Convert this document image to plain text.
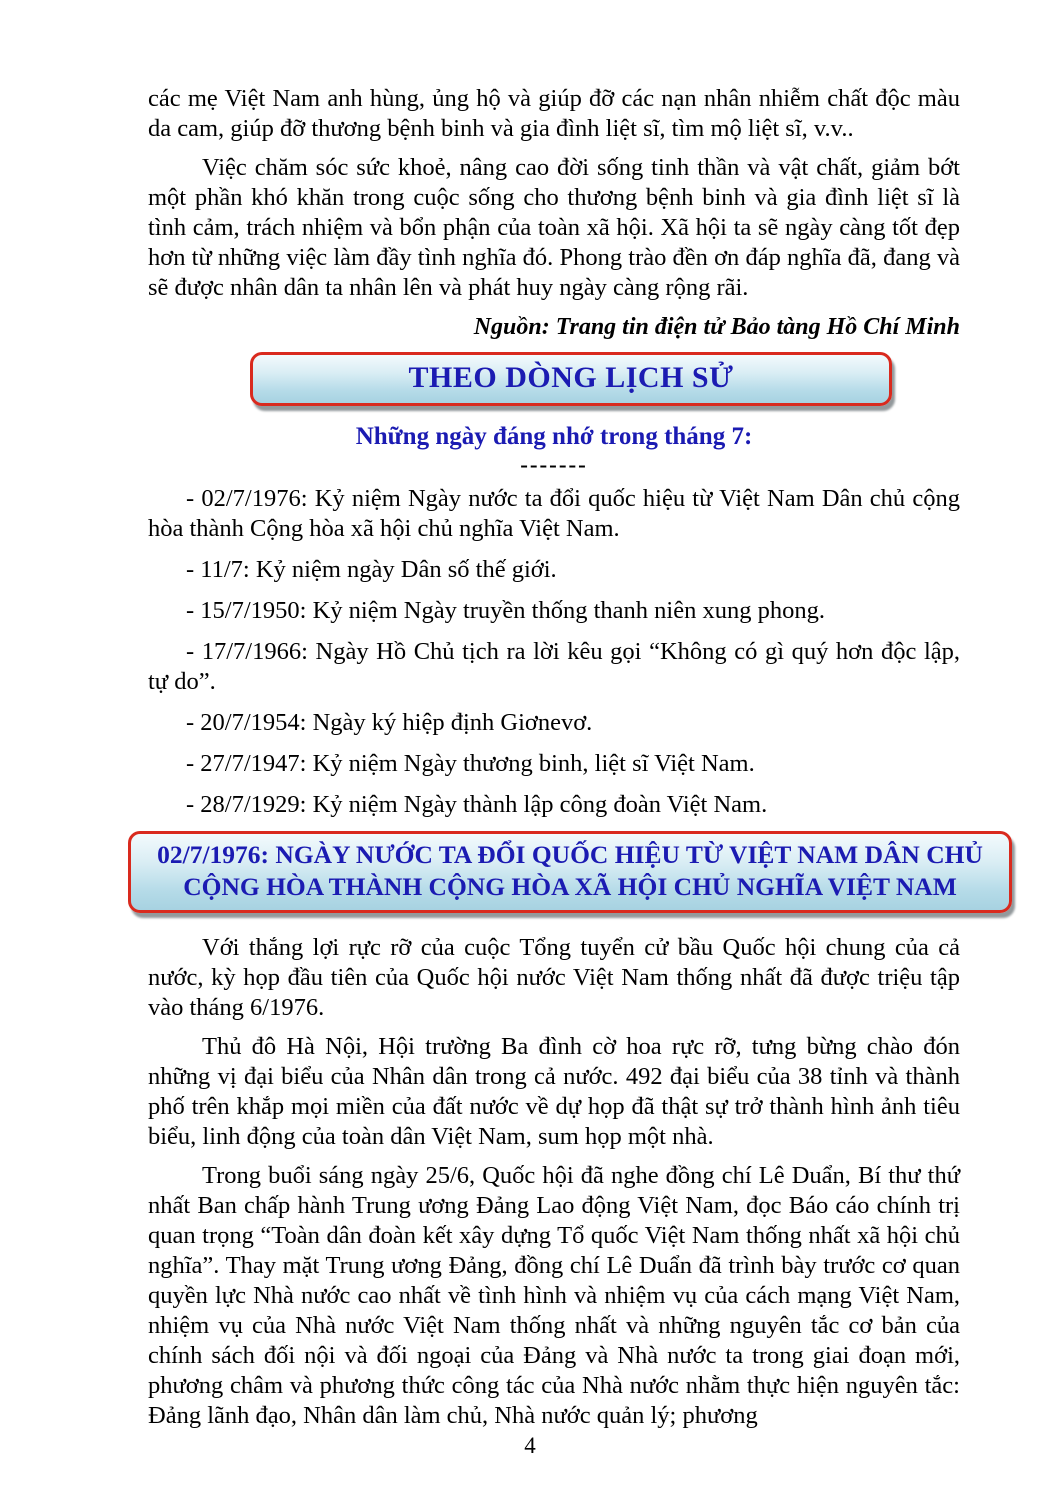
các mẹ Việt Nam anh hùng, ủng hộ và giúp đỡ các nạn nhân nhiễm chất độc màu da cam, giúp đỡ thương bệnh binh và gia đình liệt sĩ, tìm mộ liệt sĩ, v.v..

Việc chăm sóc sức khoẻ, nâng cao đời sống tinh thần và vật chất, giảm bớt một phần khó khăn trong cuộc sống cho thương bệnh binh và gia đình liệt sĩ là tình cảm, trách nhiệm và bổn phận của toàn xã hội. Xã hội ta sẽ ngày càng tốt đẹp hơn từ những việc làm đầy tình nghĩa đó. Phong trào đền ơn đáp nghĩa đã, đang và sẽ được nhân dân ta nhân lên và phát huy ngày càng rộng rãi.

Nguồn: Trang tin điện tử Bảo tàng Hồ Chí Minh
THEO DÒNG LỊCH SỬ
Những ngày đáng nhớ trong tháng 7:
-------

- 02/7/1976: Kỷ niệm Ngày nước ta đổi quốc hiệu từ Việt Nam Dân chủ cộng hòa thành Cộng hòa xã hội chủ nghĩa Việt Nam.

- 11/7: Kỷ niệm ngày Dân số thế giới.

- 15/7/1950: Kỷ niệm Ngày truyền thống thanh niên xung phong.

- 17/7/1966: Ngày Hồ Chủ tịch ra lời kêu gọi “Không có gì quý hơn độc lập, tự do”.

- 20/7/1954: Ngày ký hiệp định Giơnevơ.

- 27/7/1947: Kỷ niệm Ngày thương binh, liệt sĩ Việt Nam.

- 28/7/1929: Kỷ niệm Ngày thành lập công đoàn Việt Nam.

02/7/1976: NGÀY NƯỚC TA ĐỔI QUỐC HIỆU TỪ VIỆT NAM DÂN CHỦ CỘNG HÒA THÀNH CỘNG HÒA XÃ HỘI CHỦ NGHĨA VIỆT NAM

Với thắng lợi rực rỡ của cuộc Tổng tuyển cử bầu Quốc hội chung của cả nước, kỳ họp đầu tiên của Quốc hội nước Việt Nam thống nhất đã được triệu tập vào tháng 6/1976.

Thủ đô Hà Nội, Hội trường Ba đình cờ hoa rực rỡ, tưng bừng chào đón những vị đại biểu của Nhân dân trong cả nước. 492 đại biểu của 38 tỉnh và thành phố trên khắp mọi miền của đất nước về dự họp đã thật sự trở thành hình ảnh tiêu biểu, linh động của toàn dân Việt Nam, sum họp một nhà.

Trong buổi sáng ngày 25/6, Quốc hội đã nghe đồng chí Lê Duẩn, Bí thư thứ nhất Ban chấp hành Trung ương Đảng Lao động Việt Nam, đọc Báo cáo chính trị quan trọng “Toàn dân đoàn kết xây dựng Tổ quốc Việt Nam thống nhất xã hội chủ nghĩa”. Thay mặt Trung ương Đảng, đồng chí Lê Duẩn đã trình bày trước cơ quan quyền lực Nhà nước cao nhất về tình hình và nhiệm vụ của cách mạng Việt Nam, nhiệm vụ của Nhà nước Việt Nam thống nhất và những nguyên tắc cơ bản của chính sách đối nội và đối ngoại của Đảng và Nhà nước ta trong giai đoạn mới, phương châm và phương thức công tác của Nhà nước nhằm thực hiện nguyên tắc: Đảng lãnh đạo, Nhân dân làm chủ, Nhà nước quản lý; phương

4
